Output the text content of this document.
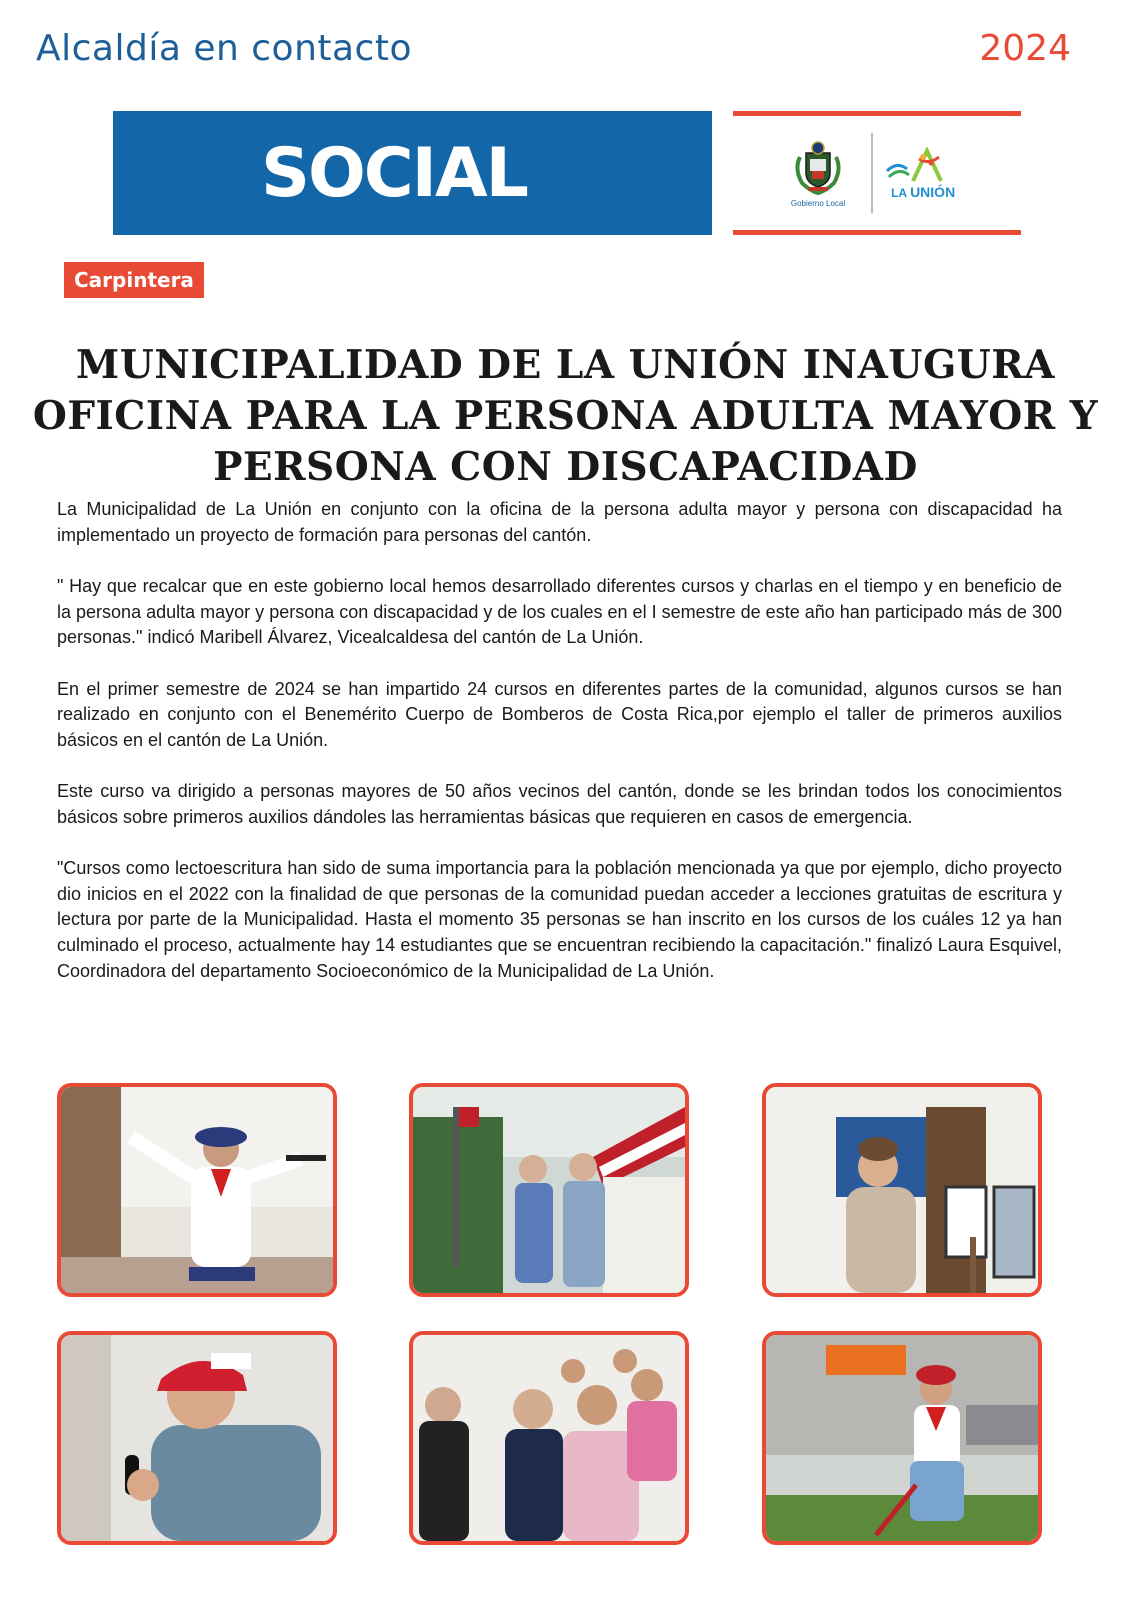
Alcaldía en contacto	2024
SOCIAL	Gobierno Local
LA UNIÓN
Carpintera
MUNICIPALIDAD DE LA UNIÓN INAUGURA OFICINA PARA LA PERSONA ADULTA MAYOR Y PERSONA CON DISCAPACIDAD

La Municipalidad de La Unión en conjunto con la oficina de la persona adulta mayor y persona con discapacidad ha implementado un proyecto de formación para personas del cantón.

" Hay que recalcar que en este gobierno local hemos desarrollado diferentes cursos y charlas en el tiempo y en beneficio de la persona adulta mayor y persona con discapacidad y de los cuales en el I semestre de este año han participado más de 300 personas." indicó Maribell Álvarez, Vicealcaldesa del cantón de La Unión.

En el primer semestre de 2024 se han impartido 24 cursos en diferentes partes de la comunidad, algunos cursos se han realizado en conjunto con el Benemérito Cuerpo de Bomberos de Costa Rica,por ejemplo el taller de primeros auxilios básicos en el cantón de La Unión.

Este curso va dirigido a personas mayores de 50 años vecinos del cantón, donde se les brindan todos los conocimientos básicos sobre primeros auxilios dándoles las herramientas básicas que requieren en casos de emergencia.

"Cursos como lectoescritura han sido de suma importancia para la población mencionada ya que por ejemplo, dicho proyecto dio inicios en el 2022 con la finalidad de que personas de la comunidad puedan acceder a lecciones gratuitas de escritura y lectura por parte de la Municipalidad. Hasta el momento 35 personas se han inscrito en los cursos de los cuáles 12 ya han culminado el proceso, actualmente hay 14 estudiantes que se encuentran recibiendo la capacitación." finalizó Laura Esquivel, Coordinadora del departamento Socioeconómico de la Municipalidad de La Unión.
